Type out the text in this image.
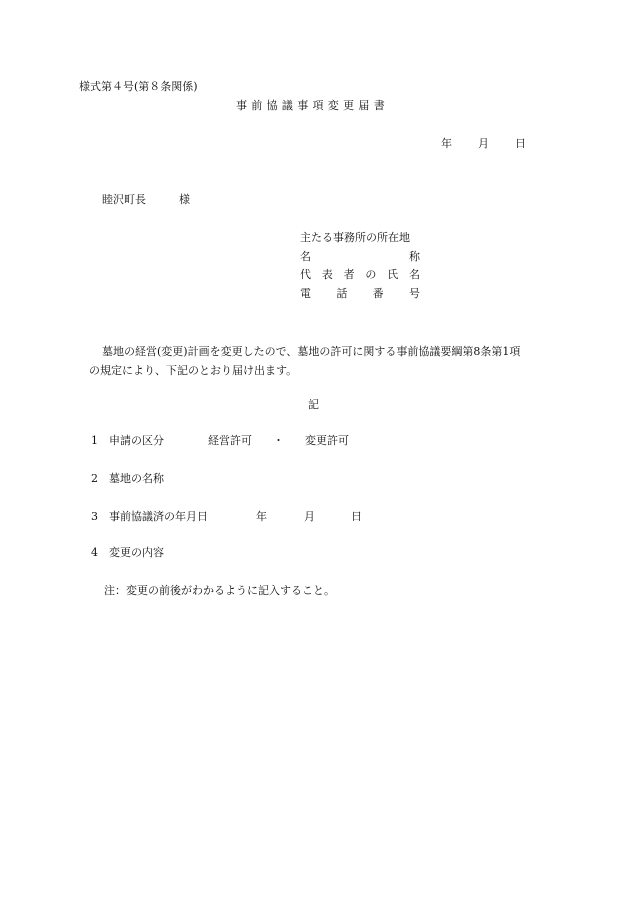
様式第４号(第８条関係)
事前協議事項変更届書
年	月	日
睦沢町長	様
主たる事務所の所在地
名	称
代 表 者 の 氏 名
電 話 番 号
墓地の経営(変更)計画を変更したので、墓地の許可に関する事前協議要綱第8条第1項
の規定により、下記のとおり届け出ます。
記
1 申請の区分	経営許可 ・ 変更許可
2 墓地の名称
3 事前協議済の年月日	年	月	日
4 変更の内容
注：変更の前後がわかるように記入すること。
